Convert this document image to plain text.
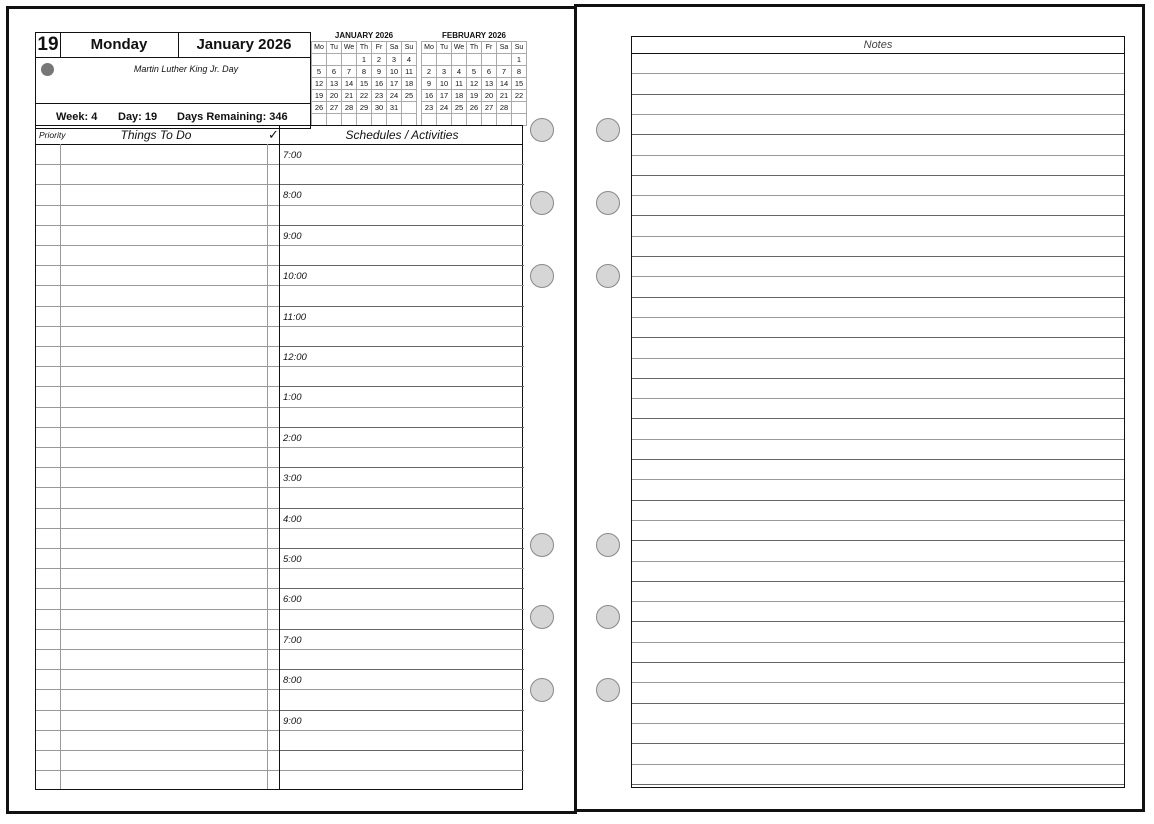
19	Monday	January 2026
Martin Luther King Jr. Day
Week: 4 Day: 19 Days Remaining: 346
JANUARY 2026
Mo	Tu	We	Th	Fr	Sa	Su
			1	2	3	4
5	6	7	8	9	10	11
12	13	14	15	16	17	18
19	20	21	22	23	24	25
26	27	28	29	30	31	

FEBRUARY 2026
Mo	Tu	We	Th	Fr	Sa	Su
						1
2	3	4	5	6	7	8
9	10	11	12	13	14	15
16	17	18	19	20	21	22
23	24	25	26	27	28	

Priority	Things To Do	✓	Schedules / Activities
7:00
8:00
9:00
10:00
11:00
12:00
1:00
2:00
3:00
4:00
5:00
6:00
7:00
8:00
9:00
Notes
